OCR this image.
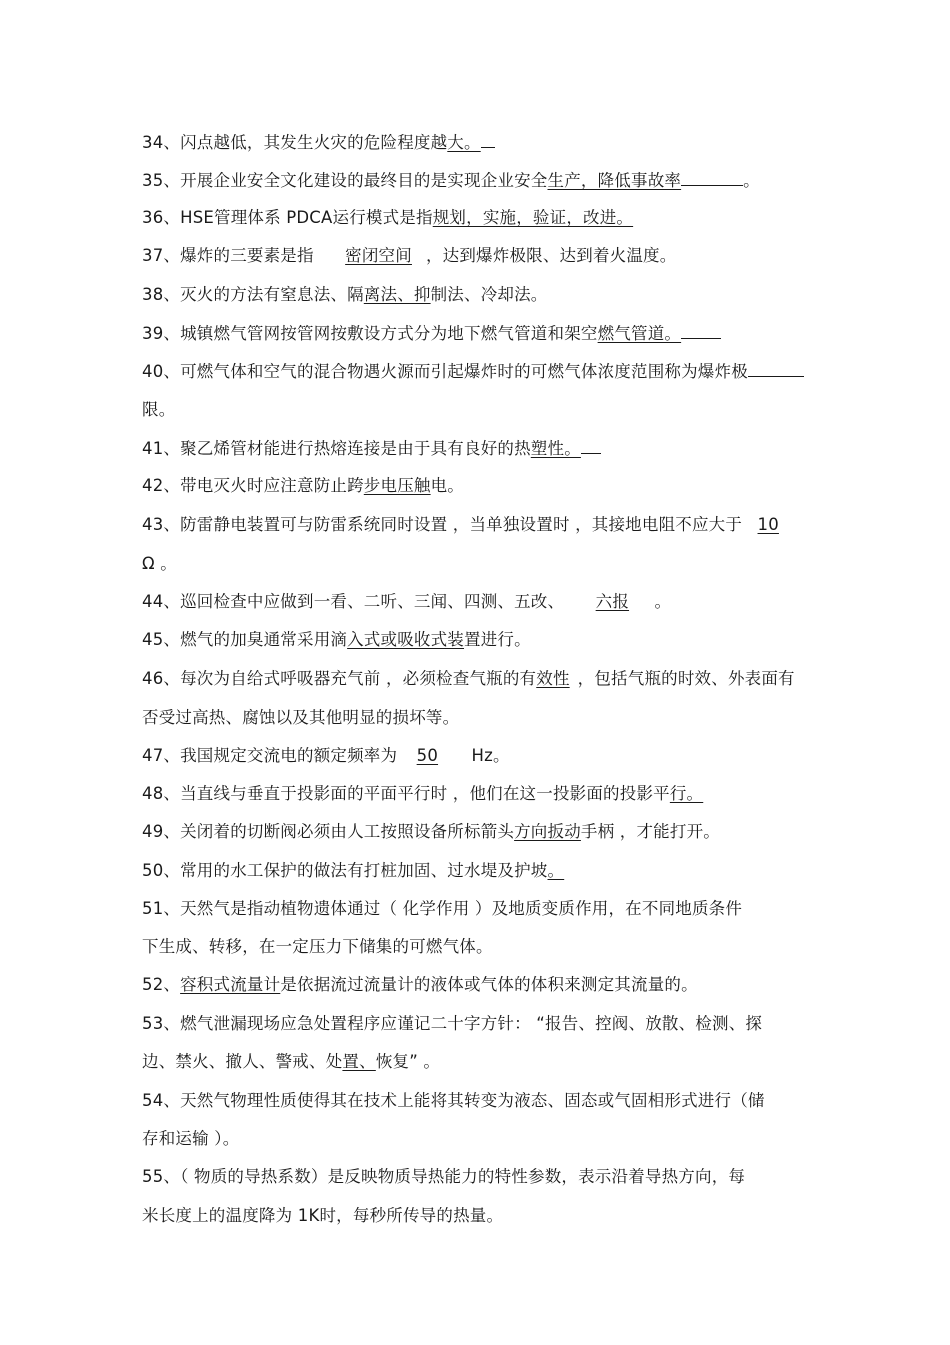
34、闪点越低，其发生火灾的危险程度越大。
35、开展企业安全文化建设的最终目的是实现企业安全生产，降低事故率	。
36、HSE管理体系 PDCA运行模式是指规划，实施，验证，改进。
37、爆炸的三要素是指 密闭空间 ，达到爆炸极限、达到着火温度。
38、灭火的方法有窒息法、隔离法、抑制法、冷却法。
39、城镇燃气管网按管网按敷设方式分为地下燃气管道和架空燃气管道。
40、可燃气体和空气的混合物遇火源而引起爆炸时的可燃气体浓度范围称为爆炸极
限。
41、聚乙烯管材能进行热熔连接是由于具有良好的热塑性。
42、带电灭火时应注意防止跨步电压触电。
43、防雷静电装置可与防雷系统同时设置 ，当单独设置时 ，其接地电阻不应大于 10
Ω 。
44、巡回检查中应做到一看、二听、三闻、四测、五改、 六报 。
45、燃气的加臭通常采用滴入式或吸收式装置进行。
46、每次为自给式呼吸器充气前 ，必须检查气瓶的有效性 ，包括气瓶的时效、外表面有
否受过高热、腐蚀以及其他明显的损坏等。
47、我国规定交流电的额定频率为 50 Hz。
48、当直线与垂直于投影面的平面平行时 ，他们在这一投影面的投影平行。
49、关闭着的切断阀必须由人工按照设备所标箭头方向扳动手柄 ，才能打开。
50、常用的水工保护的做法有打桩加固、过水堤及护坡。
51、天然气是指动植物遗体通过（ 化学作用 ）及地质变质作用，在不同地质条件
下生成、转移，在一定压力下储集的可燃气体。
52、容积式流量计是依据流过流量计的液体或气体的体积来测定其流量的。
53、燃气泄漏现场应急处置程序应谨记二十字方针： “报告、控阀、放散、检测、探
边、禁火、撤人、警戒、处置、恢复” 。
54、天然气物理性质使得其在技术上能将其转变为液态、固态或气固相形式进行（储
存和运输 ）。
55、（ 物质的导热系数）是反映物质导热能力的特性参数，表示沿着导热方向，每
米长度上的温度降为 1K时，每秒所传导的热量。
